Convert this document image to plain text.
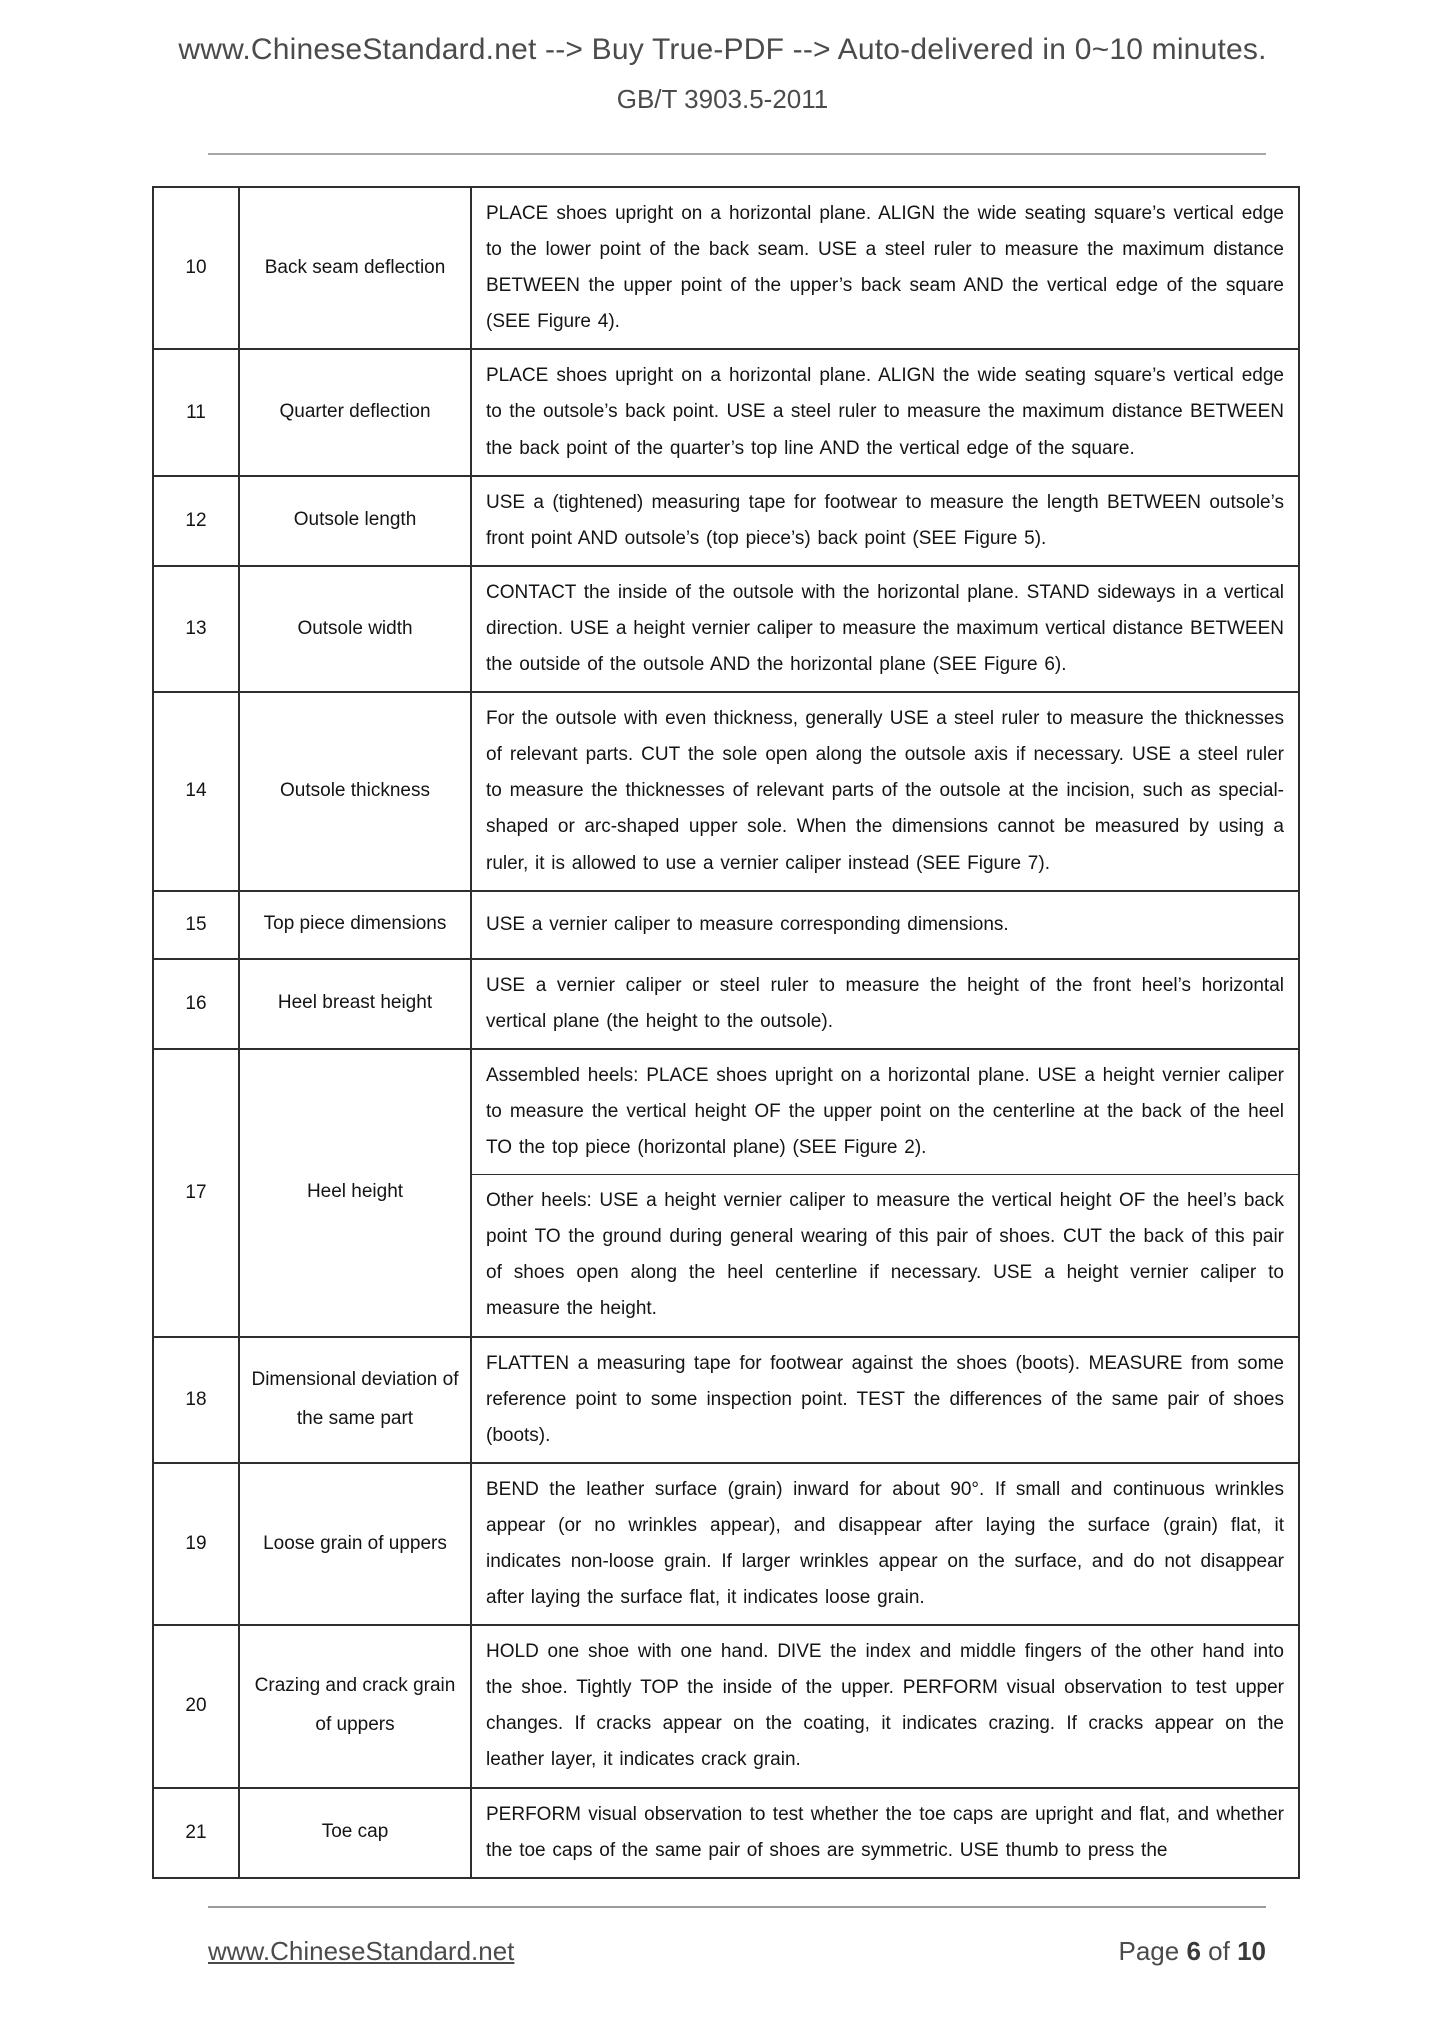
www.ChineseStandard.net --> Buy True-PDF --> Auto-delivered in 0~10 minutes.
GB/T 3903.5-2011
10	Back seam deflection	PLACE shoes upright on a horizontal plane. ALIGN the wide seating square’s vertical edge to the lower point of the back seam. USE a steel ruler to measure the maximum distance BETWEEN the upper point of the upper’s back seam AND the vertical edge of the square (SEE Figure 4).
11	Quarter deflection	PLACE shoes upright on a horizontal plane. ALIGN the wide seating square’s vertical edge to the outsole’s back point. USE a steel ruler to measure the maximum distance BETWEEN the back point of the quarter’s top line AND the vertical edge of the square.
12	Outsole length	USE a (tightened) measuring tape for footwear to measure the length BETWEEN outsole’s front point AND outsole’s (top piece’s) back point (SEE Figure 5).
13	Outsole width	CONTACT the inside of the outsole with the horizontal plane. STAND sideways in a vertical direction. USE a height vernier caliper to measure the maximum vertical distance BETWEEN the outside of the outsole AND the horizontal plane (SEE Figure 6).
14	Outsole thickness	For the outsole with even thickness, generally USE a steel ruler to measure the thicknesses of relevant parts. CUT the sole open along the outsole axis if necessary. USE a steel ruler to measure the thicknesses of relevant parts of the outsole at the incision, such as special-shaped or arc-shaped upper sole. When the dimensions cannot be measured by using a ruler, it is allowed to use a vernier caliper instead (SEE Figure 7).
15	Top piece dimensions	USE a vernier caliper to measure corresponding dimensions.
16	Heel breast height	USE a vernier caliper or steel ruler to measure the height of the front heel’s horizontal vertical plane (the height to the outsole).
17	Heel height	Assembled heels: PLACE shoes upright on a horizontal plane. USE a height vernier caliper to measure the vertical height OF the upper point on the centerline at the back of the heel TO the top piece (horizontal plane) (SEE Figure 2).
		Other heels: USE a height vernier caliper to measure the vertical height OF the heel’s back point TO the ground during general wearing of this pair of shoes. CUT the back of this pair of shoes open along the heel centerline if necessary. USE a height vernier caliper to measure the height.
18	Dimensional deviation of the same part	FLATTEN a measuring tape for footwear against the shoes (boots). MEASURE from some reference point to some inspection point. TEST the differences of the same pair of shoes (boots).
19	Loose grain of uppers	BEND the leather surface (grain) inward for about 90°. If small and continuous wrinkles appear (or no wrinkles appear), and disappear after laying the surface (grain) flat, it indicates non-loose grain. If larger wrinkles appear on the surface, and do not disappear after laying the surface flat, it indicates loose grain.
20	Crazing and crack grain of uppers	HOLD one shoe with one hand. DIVE the index and middle fingers of the other hand into the shoe. Tightly TOP the inside of the upper. PERFORM visual observation to test upper changes. If cracks appear on the coating, it indicates crazing. If cracks appear on the leather layer, it indicates crack grain.
21	Toe cap	PERFORM visual observation to test whether the toe caps are upright and flat, and whether the toe caps of the same pair of shoes are symmetric. USE thumb to press the
www.ChineseStandard.net	Page 6 of 10
